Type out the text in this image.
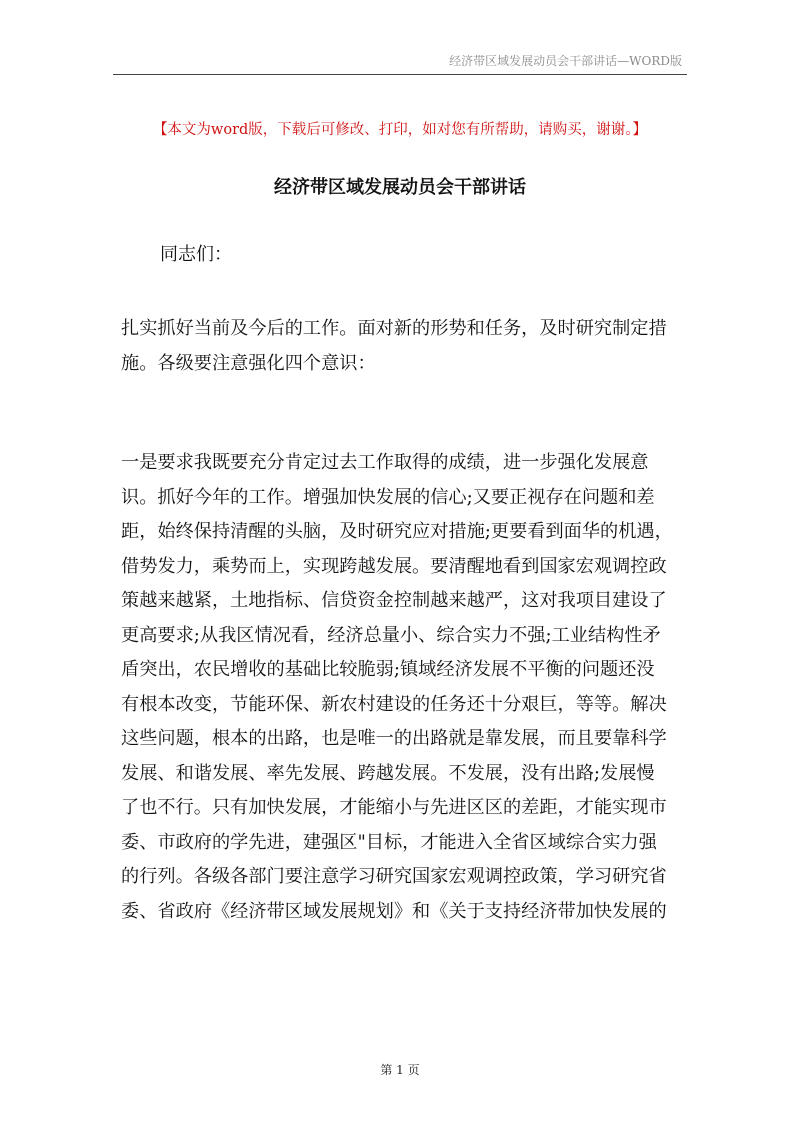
经济带区域发展动员会干部讲话—WORD版
【本文为word版，下载后可修改、打印，如对您有所帮助，请购买，谢谢。】
经济带区域发展动员会干部讲话
同志们：
扎实抓好当前及今后的工作。面对新的形势和任务，及时研究制定措
施。各级要注意强化四个意识：
一是要求我既要充分肯定过去工作取得的成绩，进一步强化发展意
识。抓好今年的工作。增强加快发展的信心;又要正视存在问题和差
距，始终保持清醒的头脑，及时研究应对措施;更要看到面华的机遇，
借势发力，乘势而上，实现跨越发展。要清醒地看到国家宏观调控政
策越来越紧，土地指标、信贷资金控制越来越严，这对我项目建设了
更高要求;从我区情况看，经济总量小、综合实力不强;工业结构性矛
盾突出，农民增收的基础比较脆弱;镇域经济发展不平衡的问题还没
有根本改变，节能环保、新农村建设的任务还十分艰巨，等等。解决
这些问题，根本的出路，也是唯一的出路就是靠发展，而且要靠科学
发展、和谐发展、率先发展、跨越发展。不发展，没有出路;发展慢
了也不行。只有加快发展，才能缩小与先进区区的差距，才能实现市
委、市政府的学先进，建强区"目标，才能进入全省区域综合实力强
的行列。各级各部门要注意学习研究国家宏观调控政策，学习研究省
委、省政府《经济带区域发展规划》和《关于支持经济带加快发展的
第 1 页
